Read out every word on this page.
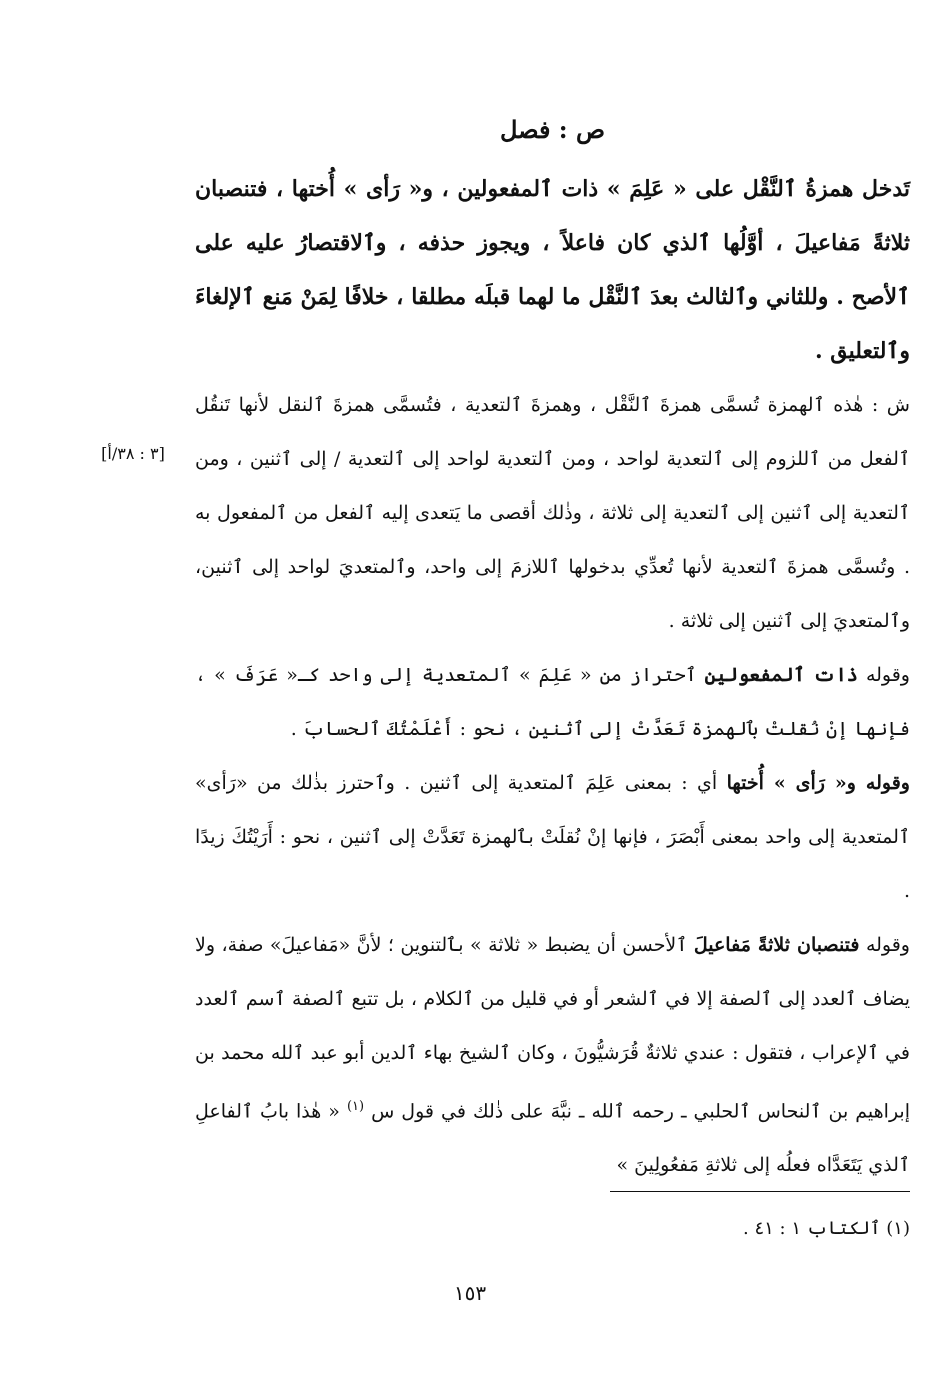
ص : فصل

تَدخل همزةُ ٱلنَّقْل على « عَلِمَ » ذات ٱلمفعولين ، و« رَأى » أُختها ، فتنصبان ثلاثةً مَفاعيلَ ، أوَّلُها ٱلذي كان فاعلاً ، ويجوز حذفه ، وٱلاقتصارُ عليه على ٱلأصح . وللثاني وٱلثالث بعدَ ٱلنَّقْل ما لهما قبلَه مطلقا ، خلافًا لِمَنْ مَنع ٱلإلغاءَ وٱلتعليق .

[٣ : ٣٨/أ]

ش : هٰذه ٱلهمزة تُسمَّى همزةَ ٱلنَّقْل ، وهمزةَ ٱلتعدية ، فتُسمَّى همزةَ ٱلنقل لأنها تَنقُل ٱلفعل من ٱللزوم إلى ٱلتعدية لواحد ، ومن ٱلتعدية لواحد إلى ٱلتعدية / إلى ٱثنين ، ومن ٱلتعدية إلى ٱثنين إلى ٱلتعدية إلى ثلاثة ، وذٰلك أقصى ما يَتعدى إليه ٱلفعل من ٱلمفعول به . وتُسمَّى همزةَ ٱلتعدية لأنها تُعدِّي بدخولها ٱللازمَ إلى واحد، وٱلمتعديَ لواحد إلى ٱثنين، وٱلمتعديَ إلى ٱثنين إلى ثلاثة .

وقوله ذات ٱلمفعولين ٱحتراز من « عَلِمَ » ٱلمتعدية إلى واحد كـ« عَرَفَ » ، فإنها إنْ نُقلتْ بٱلهمزة تَعَدَّتْ إلى ٱثنين ، نحو : أَعْلَمْتُكَ ٱلحسابَ .

وقوله و« رَأى » أُختها أي : بمعنى عَلِمَ ٱلمتعدية إلى ٱثنين . وٱحترز بذٰلك من «رَأى» ٱلمتعدية إلى واحد بمعنى أَبْصَرَ ، فإنها إنْ نُقلَتْ بٱلهمزة تَعَدَّتْ إلى ٱثنين ، نحو : أَرَيْتُكَ زيدًا .

وقوله فتنصبان ثلاثةً مَفاعيلَ ٱلأحسن أن يضبط « ثلاثة » بٱلتنوين ؛ لأنَّ «مَفاعيلَ» صفة، ولا يضاف ٱلعدد إلى ٱلصفة إلا في ٱلشعر أو في قليل من ٱلكلام ، بل تتبع ٱلصفة ٱسم ٱلعدد في ٱلإعراب ، فتقول : عندي ثلاثةٌ قُرَشيُّونَ ، وكان ٱلشيخ بهاء ٱلدين أبو عبد ٱلله محمد بن إبراهيم بن ٱلنحاس ٱلحلبي ـ رحمه ٱلله ـ نبَّهَ على ذٰلك في قول س $^{(١)}$ « هٰذا بابُ ٱلفاعلِ ٱلذي يَتَعَدَّاه فعلُه إلى ثلاثةِ مَفعُولِينَ »

(١) ٱلكتاب ١ : ٤١ .
١٥٣
